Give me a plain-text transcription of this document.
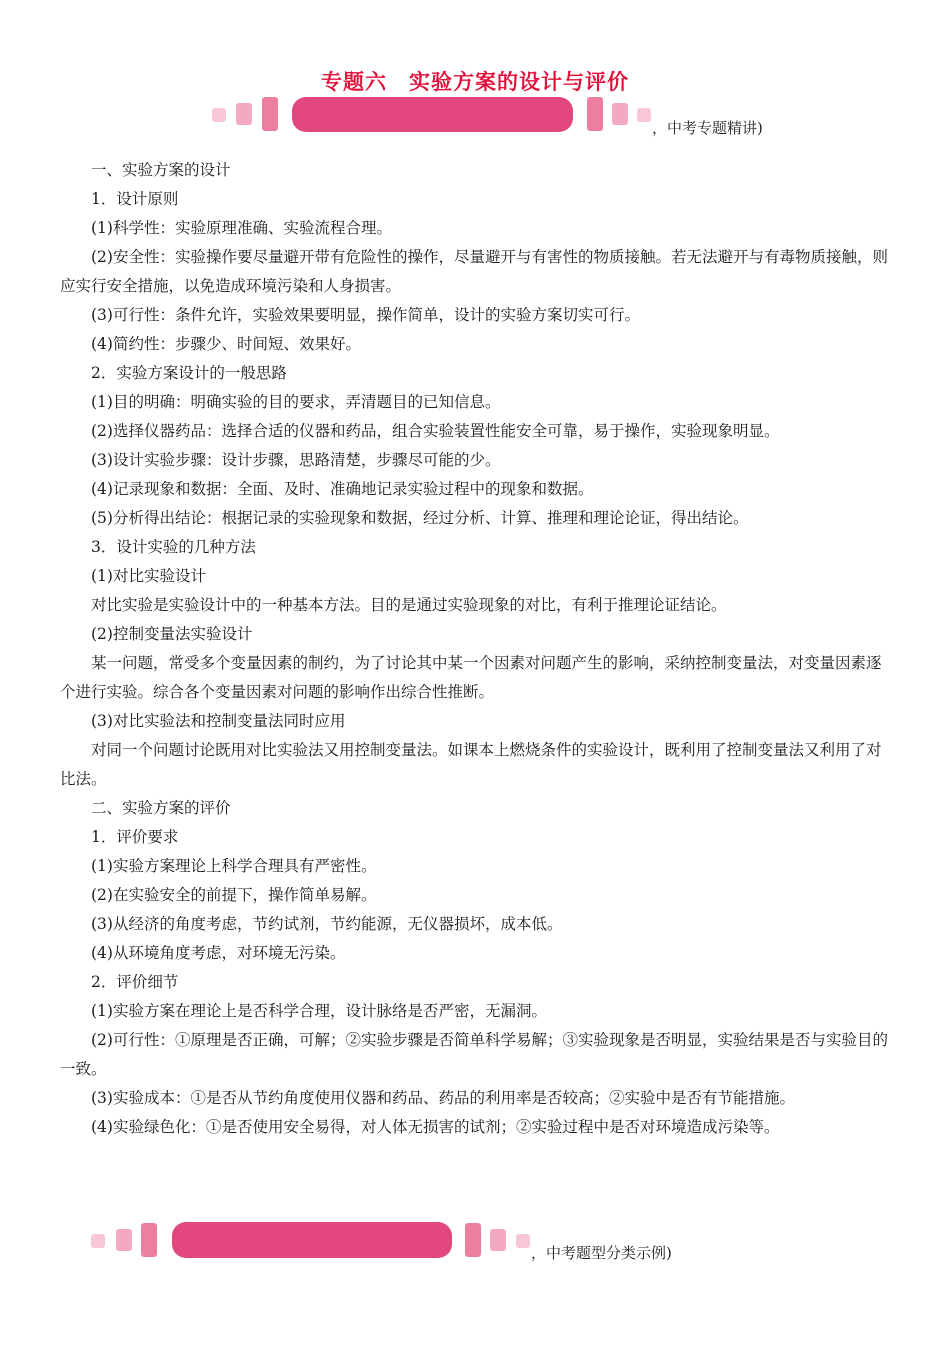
专题六　实验方案的设计与评价
，中考专题精讲)

一、实验方案的设计

1．设计原则

(1)科学性：实验原理准确、实验流程合理。

(2)安全性：实验操作要尽量避开带有危险性的操作，尽量避开与有害性的物质接触。若无法避开与有毒物质接触，则应实行安全措施，以免造成环境污染和人身损害。

(3)可行性：条件允许，实验效果要明显，操作简单，设计的实验方案切实可行。

(4)简约性：步骤少、时间短、效果好。

2．实验方案设计的一般思路

(1)目的明确：明确实验的目的要求，弄清题目的已知信息。

(2)选择仪器药品：选择合适的仪器和药品，组合实验装置性能安全可靠，易于操作，实验现象明显。

(3)设计实验步骤：设计步骤，思路清楚，步骤尽可能的少。

(4)记录现象和数据：全面、及时、准确地记录实验过程中的现象和数据。

(5)分析得出结论：根据记录的实验现象和数据，经过分析、计算、推理和理论论证，得出结论。

3．设计实验的几种方法

(1)对比实验设计

对比实验是实验设计中的一种基本方法。目的是通过实验现象的对比，有利于推理论证结论。

(2)控制变量法实验设计

某一问题，常受多个变量因素的制约，为了讨论其中某一个因素对问题产生的影响，采纳控制变量法，对变量因素逐个进行实验。综合各个变量因素对问题的影响作出综合性推断。

(3)对比实验法和控制变量法同时应用

对同一个问题讨论既用对比实验法又用控制变量法。如课本上燃烧条件的实验设计，既利用了控制变量法又利用了对比法。

二、实验方案的评价

1．评价要求

(1)实验方案理论上科学合理具有严密性。

(2)在实验安全的前提下，操作简单易解。

(3)从经济的角度考虑，节约试剂，节约能源，无仪器损坏，成本低。

(4)从环境角度考虑，对环境无污染。

2．评价细节

(1)实验方案在理论上是否科学合理，设计脉络是否严密，无漏洞。

(2)可行性：①原理是否正确，可解；②实验步骤是否简单科学易解；③实验现象是否明显，实验结果是否与实验目的一致。

(3)实验成本：①是否从节约角度使用仪器和药品、药品的利用率是否较高；②实验中是否有节能措施。

(4)实验绿色化：①是否使用安全易得，对人体无损害的试剂；②实验过程中是否对环境造成污染等。

，中考题型分类示例)
